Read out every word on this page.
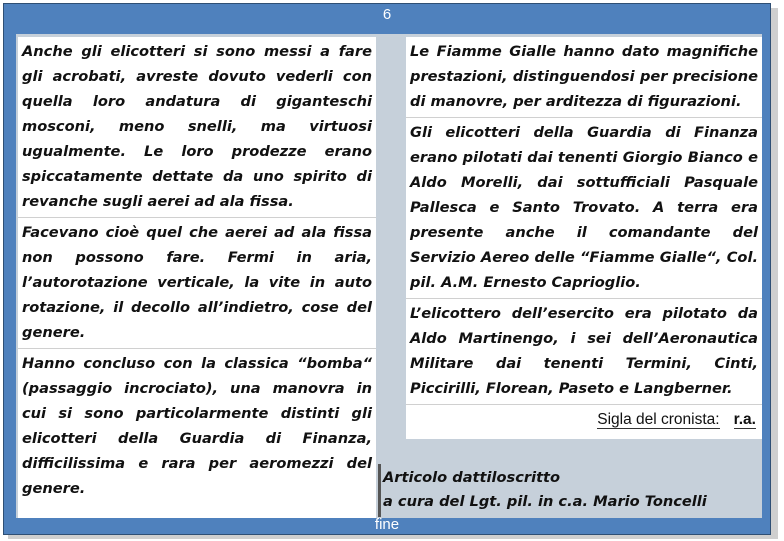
6
Anche gli elicotteri si sono messi a fare gli acrobati, avreste dovuto vederli con quella loro andatura di giganteschi mosconi, meno snelli, ma virtuosi ugualmente. Le loro prodezze erano spiccatamente dettate da uno spirito di revanche sugli aerei ad ala fissa.
Facevano cioè quel che aerei ad ala fissa non possono fare. Fermi in aria, l’autorotazione verticale, la vite in auto rotazione, il decollo all’indietro, cose del genere.
Hanno concluso con la classica “bomba“ (passaggio incrociato), una manovra in cui si sono particolarmente distinti gli elicotteri della Guardia di Finanza, difficilissima e rara per aeromezzi del genere.
Le Fiamme Gialle hanno dato magnifiche prestazioni, distinguendosi per precisione di manovre, per arditezza di figurazioni.
Gli elicotteri della Guardia di Finanza erano pilotati dai tenenti Giorgio Bianco e Aldo Morelli, dai sottufficiali Pasquale Pallesca e Santo Trovato. A terra era presente anche il comandante del Servizio Aereo delle “Fiamme Gialle“, Col. pil. A.M. Ernesto Caprioglio.
L’elicottero dell’esercito era pilotato da Aldo Martinengo, i sei dell’Aeronautica Militare dai tenenti Termini, Cinti, Piccirilli, Florean, Paseto e Langberner.
Sigla del cronista: r.a.
Articolo dattiloscritto
a cura del Lgt. pil. in c.a. Mario Toncelli
fine
